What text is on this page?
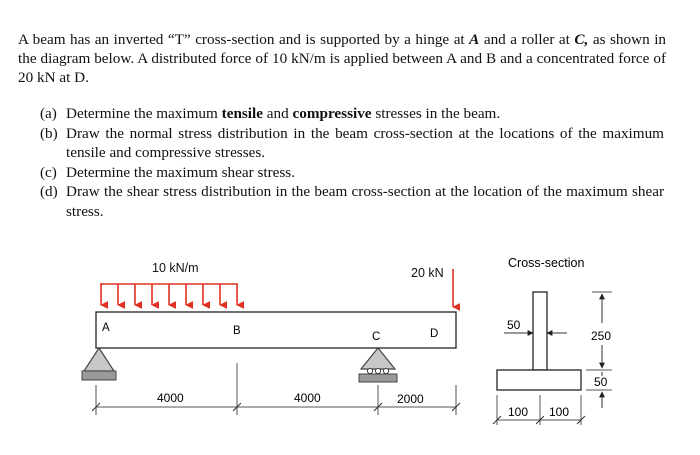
A beam has an inverted “T” cross-section and is supported by a hinge at A and a roller at C, as shown in the diagram below. A distributed force of 10 kN/m is applied between A and B and a concentrated force of 20 kN at D.

(a) Determine the maximum tensile and compressive stresses in the beam.
(b) Draw the normal stress distribution in the beam cross-section at the locations of the maximum tensile and compressive stresses.
(c) Determine the maximum shear stress.
(d) Draw the shear stress distribution in the beam cross-section at the location of the maximum shear stress.
10 kN/m	20 kN
A	B	C	D
4000	4000	2000
Cross-section
50
250
50
100 100
